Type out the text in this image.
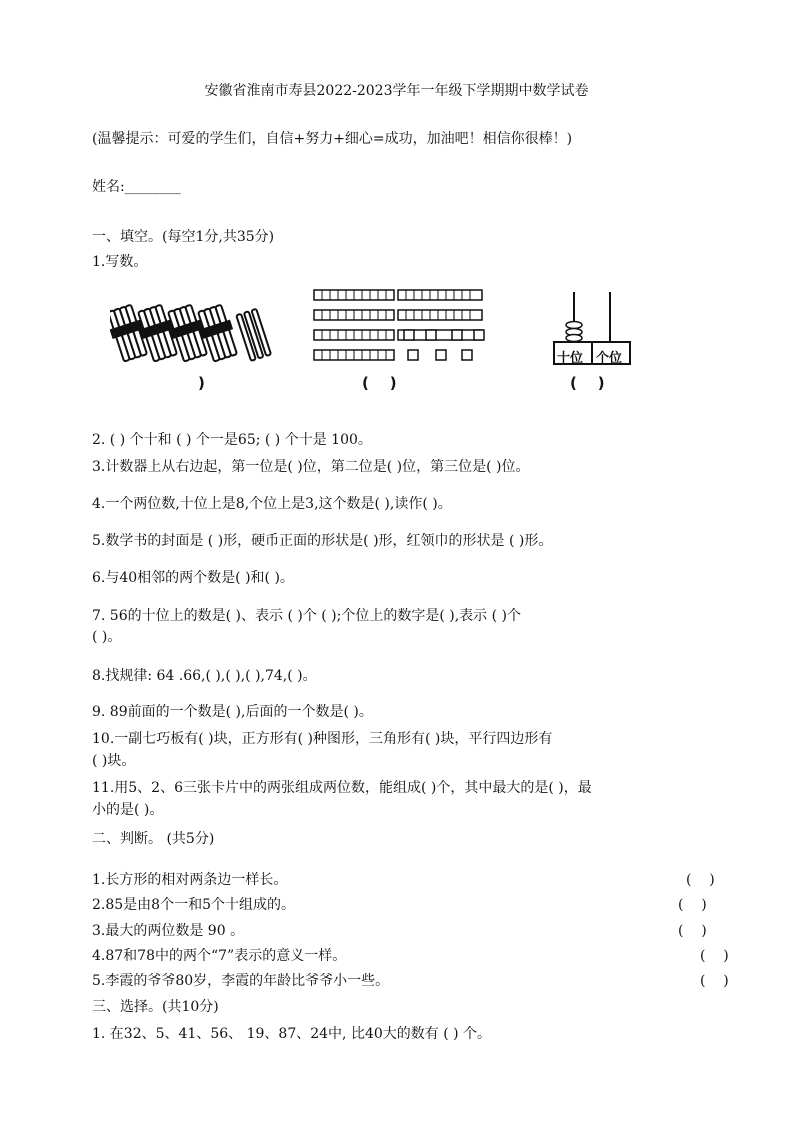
安徽省淮南市寿县2022-2023学年一年级下学期期中数学试卷
(温馨提示：可爱的学生们，自信+努力+细心=成功，加油吧！相信你很棒！)
姓名:________
一、填空。(每空1分,共35分)
1.写数。
)	(    )
十位 个位
(    )
2. ( ) 个十和 ( ) 个一是65; ( ) 个十是 100。
3.计数器上从右边起，第一位是( )位，第二位是( )位，第三位是( )位。
4.一个两位数,十位上是8,个位上是3,这个数是( ),读作( )。
5.数学书的封面是 ( )形，硬币正面的形状是( )形，红领巾的形状是 ( )形。
6.与40相邻的两个数是( )和( )。
7. 56的十位上的数是( )、表示 ( )个 ( );个位上的数字是( ),表示 ( )个
( )。
8.找规律: 64 .66,( ),( ),( ),74,( )。
9. 89前面的一个数是( ),后面的一个数是( )。
10.一副七巧板有( )块，正方形有( )种图形，三角形有( )块，平行四边形有
( )块。
11.用5、2、6三张卡片中的两张组成两位数，能组成( )个，其中最大的是( )，最
小的是( )。
二、判断。 (共5分)
1.长方形的相对两条边一样长。	(    )
2.85是由8个一和5个十组成的。	(    )
3.最大的两位数是 90 。	(    )
4.87和78中的两个“7”表示的意义一样。	(    )
5.李霞的爷爷80岁，李霞的年龄比爷爷小一些。	(    )
三、选择。(共10分)
1. 在32、5、41、56、 19、87、24中, 比40大的数有 ( ) 个。
